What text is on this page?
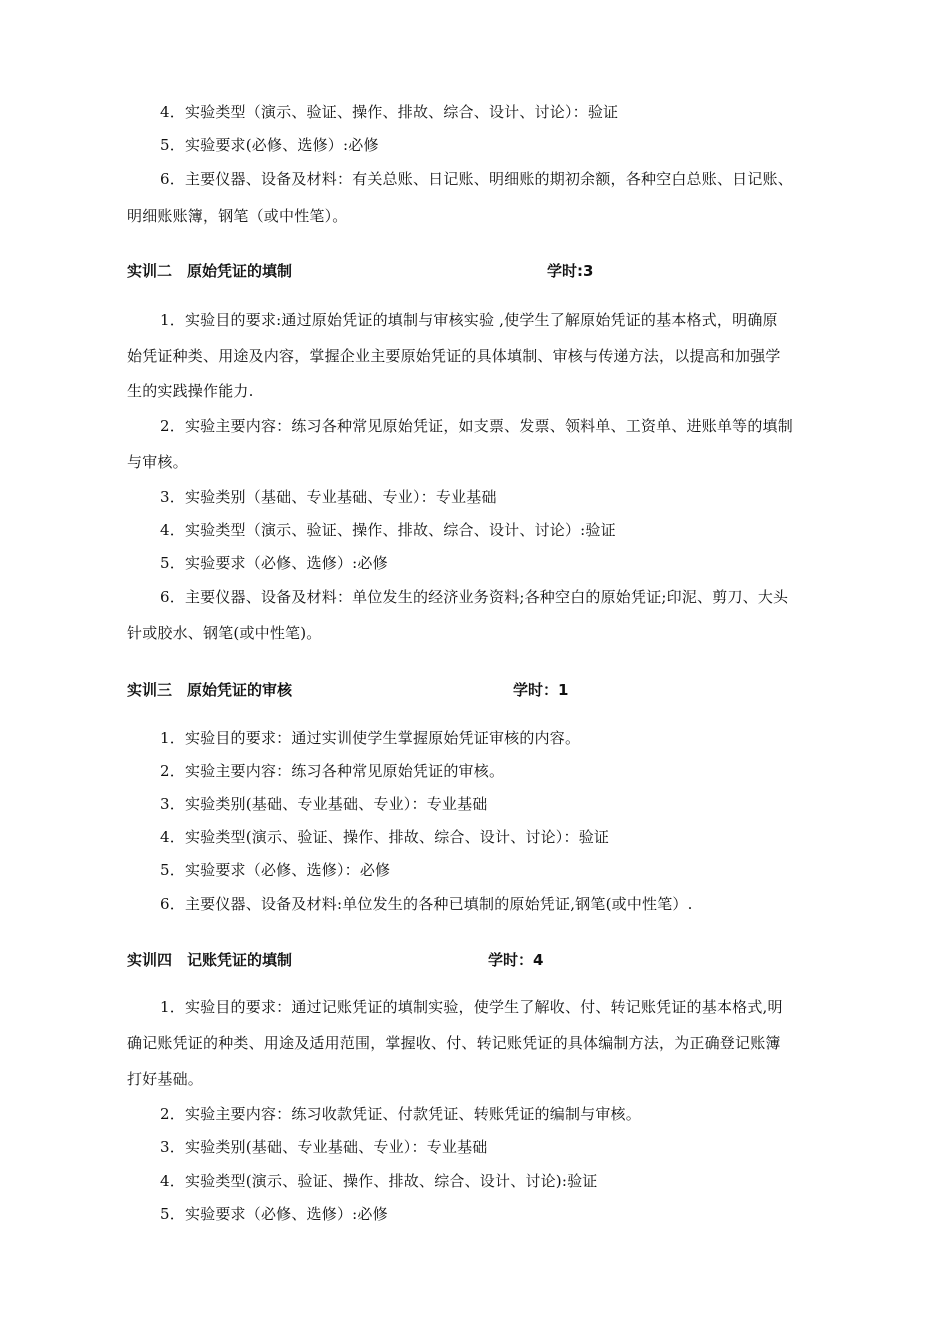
4．实验类型（演示、验证、操作、排故、综合、设计、讨论）：验证
5．实验要求(必修、选修）:必修
6．主要仪器、设备及材料：有关总账、日记账、明细账的期初余额，各种空白总账、日记账、
明细账账簿，钢笔（或中性笔）。
实训二　原始凭证的填制	学时:3
1．实验目的要求:通过原始凭证的填制与审核实验 ,使学生了解原始凭证的基本格式，明确原
始凭证种类、用途及内容，掌握企业主要原始凭证的具体填制、审核与传递方法，以提高和加强学
生的实践操作能力.
2．实验主要内容：练习各种常见原始凭证，如支票、发票、领料单、工资单、进账单等的填制
与审核。
3．实验类别（基础、专业基础、专业）：专业基础
4．实验类型（演示、验证、操作、排故、综合、设计、讨论）:验证
5．实验要求（必修、选修）:必修
6．主要仪器、设备及材料：单位发生的经济业务资料;各种空白的原始凭证;印泥、剪刀、大头
针或胶水、钢笔(或中性笔)。
实训三　原始凭证的审核	学时：1
1．实验目的要求：通过实训使学生掌握原始凭证审核的内容。
2．实验主要内容：练习各种常见原始凭证的审核。
3．实验类别(基础、专业基础、专业）：专业基础
4．实验类型(演示、验证、操作、排故、综合、设计、讨论）：验证
5．实验要求（必修、选修）：必修
6．主要仪器、设备及材料:单位发生的各种已填制的原始凭证,钢笔(或中性笔）.
实训四　记账凭证的填制	学时：4
1．实验目的要求：通过记账凭证的填制实验，使学生了解收、付、转记账凭证的基本格式,明
确记账凭证的种类、用途及适用范围，掌握收、付、转记账凭证的具体编制方法，为正确登记账簿
打好基础。
2．实验主要内容：练习收款凭证、付款凭证、转账凭证的编制与审核。
3．实验类别(基础、专业基础、专业）：专业基础
4．实验类型(演示、验证、操作、排故、综合、设计、讨论):验证
5．实验要求（必修、选修）:必修
